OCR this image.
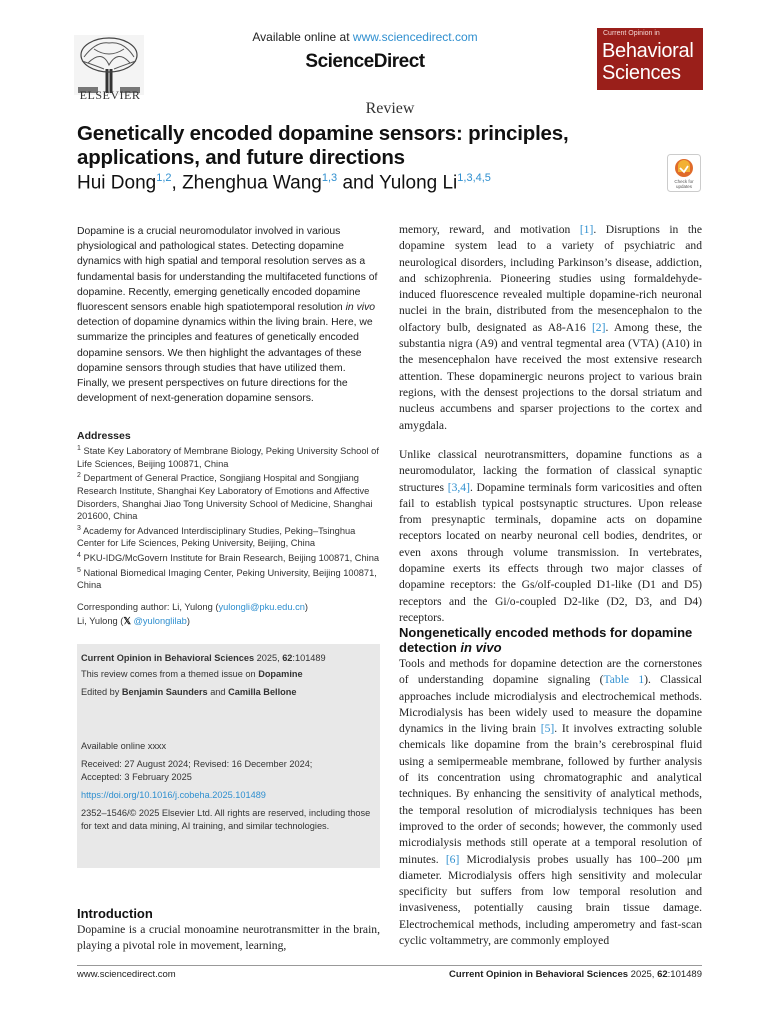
ELSEVIER
Available online at www.sciencedirect.com
ScienceDirect
Current Opinion in
Behavioral
Sciences
Review
Genetically encoded dopamine sensors: principles, applications, and future directions
Hui Dong$^{1,2}$, Zhenghua Wang$^{1,3}$ and Yulong Li$^{1,3,4,5}$	Check for
updates
Dopamine is a crucial neuromodulator involved in various physiological and pathological states. Detecting dopamine dynamics with high spatial and temporal resolution serves as a fundamental basis for understanding the multifaceted functions of dopamine. Recently, emerging genetically encoded dopamine fluorescent sensors enable high spatiotemporal resolution in vivo detection of dopamine dynamics within the living brain. Here, we summarize the principles and features of genetically encoded dopamine sensors. We then highlight the advantages of these dopamine sensors through studies that have utilized them. Finally, we present perspectives on future directions for the development of next-generation dopamine sensors.
Addresses
$^1$ State Key Laboratory of Membrane Biology, Peking University School of Life Sciences, Beijing 100871, China
$^2$ Department of General Practice, Songjiang Hospital and Songjiang Research Institute, Shanghai Key Laboratory of Emotions and Affective Disorders, Shanghai Jiao Tong University School of Medicine, Shanghai 201600, China
$^3$ Academy for Advanced Interdisciplinary Studies, Peking–Tsinghua Center for Life Sciences, Peking University, Beijing, China
$^4$ PKU-IDG/McGovern Institute for Brain Research, Beijing 100871, China
$^5$ National Biomedical Imaging Center, Peking University, Beijing 100871, China
Corresponding author: Li, Yulong (yulongli@pku.edu.cn)
Li, Yulong (𝕏 @yulonglilab)
Current Opinion in Behavioral Sciences 2025, 62:101489
This review comes from a themed issue on Dopamine
Edited by Benjamin Saunders and Camilla Bellone
Available online xxxx
Received: 27 August 2024; Revised: 16 December 2024;
Accepted: 3 February 2025
https://doi.org/10.1016/j.cobeha.2025.101489
2352–1546/© 2025 Elsevier Ltd. All rights are reserved, including those for text and data mining, AI training, and similar technologies.
Introduction
Dopamine is a crucial monoamine neurotransmitter in the brain, playing a pivotal role in movement, learning,
memory, reward, and motivation [1]. Disruptions in the dopamine system lead to a variety of psychiatric and neurological disorders, including Parkinson’s disease, addiction, and schizophrenia. Pioneering studies using formaldehyde-induced fluorescence revealed multiple dopamine-rich neuronal nuclei in the brain, distributed from the mesencephalon to the olfactory bulb, designated as A8-A16 [2]. Among these, the substantia nigra (A9) and ventral tegmental area (VTA) (A10) in the mesencephalon have received the most extensive research attention. These dopaminergic neurons project to various brain regions, with the densest projections to the dorsal striatum and nucleus accumbens and sparser projections to the cortex and amygdala.
Unlike classical neurotransmitters, dopamine functions as a neuromodulator, lacking the formation of classical synaptic structures [3,4]. Dopamine terminals form varicosities and often fail to establish typical postsynaptic structures. Upon release from presynaptic terminals, dopamine acts on dopamine receptors located on nearby neuronal cell bodies, dendrites, or even axons through volume transmission. In vertebrates, dopamine exerts its effects through two major classes of dopamine receptors: the Gs/olf-coupled D1-like (D1 and D5) receptors and the Gi/o-coupled D2-like (D2, D3, and D4) receptors.
Nongenetically encoded methods for dopamine detection in vivo
Tools and methods for dopamine detection are the cornerstones of understanding dopamine signaling (Table 1). Classical approaches include microdialysis and electrochemical methods. Microdialysis has been widely used to measure the dopamine dynamics in the living brain [5]. It involves extracting soluble chemicals like dopamine from the brain’s cerebrospinal fluid using a semipermeable membrane, followed by further analysis of its concentration using chromatographic and analytical techniques. By enhancing the sensitivity of analytical methods, the temporal resolution of microdialysis techniques has been improved to the order of seconds; however, the commonly used microdialysis methods still operate at a temporal resolution of minutes. [6] Microdialysis probes usually has 100–200 μm diameter. Microdialysis offers high sensitivity and molecular specificity but suffers from low temporal resolution and invasiveness, potentially causing brain tissue damage. Electrochemical methods, including amperometry and fast-scan cyclic voltammetry, are commonly employed
www.sciencedirect.com	Current Opinion in Behavioral Sciences 2025, 62:101489
